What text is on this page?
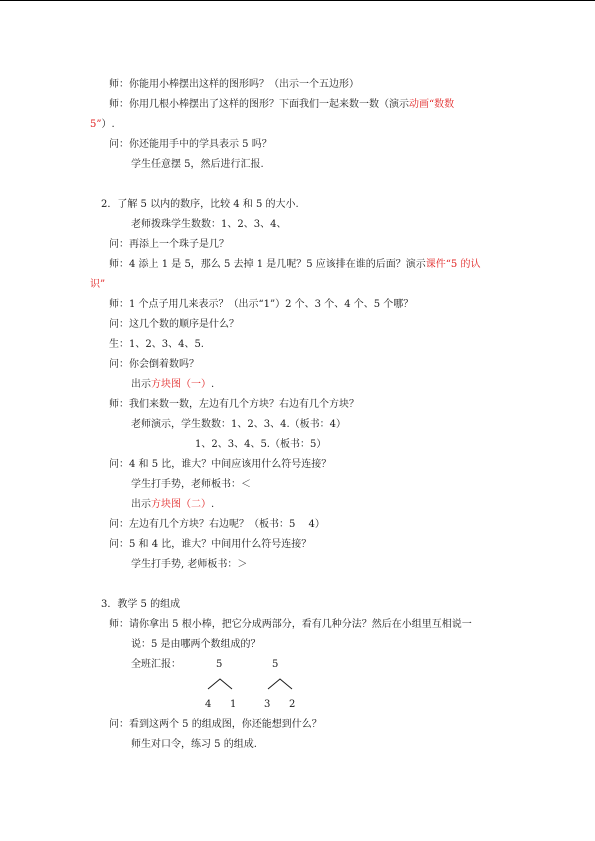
师：你能用小棒摆出这样的图形吗？（出示一个五边形）
师：你用几根小棒摆出了这样的图形？下面我们一起来数一数（演示动画“数数
5”）.
问：你还能用手中的学具表示 5 吗？
学生任意摆 5，然后进行汇报.
2．了解 5 以内的数序，比较 4 和 5 的大小.
老师拨珠学生数数：1、2、3、4、
问：再添上一个珠子是几？
师：4 添上 1 是 5，那么 5 去掉 1 是几呢？5 应该排在谁的后面？演示课件“5 的认
识”
师：1 个点子用几来表示？（出示“1”）2 个、3 个、4 个、5 个哪？
问：这几个数的顺序是什么？
生：1、2、3、4、5.
问：你会倒着数吗？
出示方块图（一）.
师：我们来数一数，左边有几个方块？右边有几个方块？
老师演示，学生数数：1、2、3、4.（板书：4）
1、2、3、4、5.（板书：5）
问：4 和 5 比，谁大？中间应该用什么符号连接？
学生打手势，老师板书：＜
出示方块图（二）.
问：左边有几个方块？右边呢？（板书：5　 4）
问：5 和 4 比，谁大？中间用什么符号连接？
学生打手势, 老师板书：＞
3．教学 5 的组成
师：请你拿出 5 根小棒，把它分成两部分，看有几种分法？然后在小组里互相说一
说：5 是由哪两个数组成的？
全班汇报：	5	5
4 1	3 2
问：看到这两个 5 的组成图，你还能想到什么？
师生对口令，练习 5 的组成.
